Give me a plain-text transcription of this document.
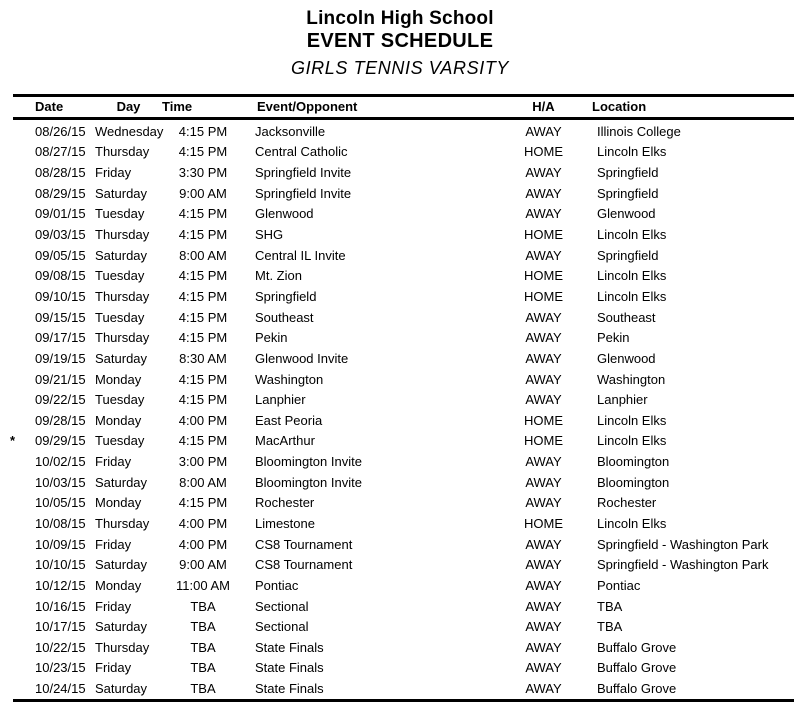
Lincoln High School
EVENT SCHEDULE
GIRLS TENNIS VARSITY
Date	Day	Time	Event/Opponent	H/A	Location
08/26/15 Wednesday	4:15 PM	Jacksonville	AWAY	Illinois College
08/27/15 Thursday	4:15 PM	Central Catholic	HOME	Lincoln Elks
08/28/15 Friday	3:30 PM	Springfield Invite	AWAY	Springfield
08/29/15 Saturday	9:00 AM	Springfield Invite	AWAY	Springfield
09/01/15 Tuesday	4:15 PM	Glenwood	AWAY	Glenwood
09/03/15 Thursday	4:15 PM	SHG	HOME	Lincoln Elks
09/05/15 Saturday	8:00 AM	Central IL Invite	AWAY	Springfield
09/08/15 Tuesday	4:15 PM	Mt. Zion	HOME	Lincoln Elks
09/10/15 Thursday	4:15 PM	Springfield	HOME	Lincoln Elks
09/15/15 Tuesday	4:15 PM	Southeast	AWAY	Southeast
09/17/15 Thursday	4:15 PM	Pekin	AWAY	Pekin
09/19/15 Saturday	8:30 AM	Glenwood Invite	AWAY	Glenwood
09/21/15 Monday	4:15 PM	Washington	AWAY	Washington
09/22/15 Tuesday	4:15 PM	Lanphier	AWAY	Lanphier
09/28/15 Monday	4:00 PM	East Peoria	HOME	Lincoln Elks
*	09/29/15 Tuesday	4:15 PM	MacArthur	HOME	Lincoln Elks
10/02/15 Friday	3:00 PM	Bloomington Invite	AWAY	Bloomington
10/03/15 Saturday	8:00 AM	Bloomington Invite	AWAY	Bloomington
10/05/15 Monday	4:15 PM	Rochester	AWAY	Rochester
10/08/15 Thursday	4:00 PM	Limestone	HOME	Lincoln Elks
10/09/15 Friday	4:00 PM	CS8 Tournament	AWAY	Springfield - Washington Park
10/10/15 Saturday	9:00 AM	CS8 Tournament	AWAY	Springfield - Washington Park
10/12/15 Monday	11:00 AM	Pontiac	AWAY	Pontiac
10/16/15 Friday	TBA	Sectional	AWAY	TBA
10/17/15 Saturday	TBA	Sectional	AWAY	TBA
10/22/15 Thursday	TBA	State Finals	AWAY	Buffalo Grove
10/23/15 Friday	TBA	State Finals	AWAY	Buffalo Grove
10/24/15 Saturday	TBA	State Finals	AWAY	Buffalo Grove
